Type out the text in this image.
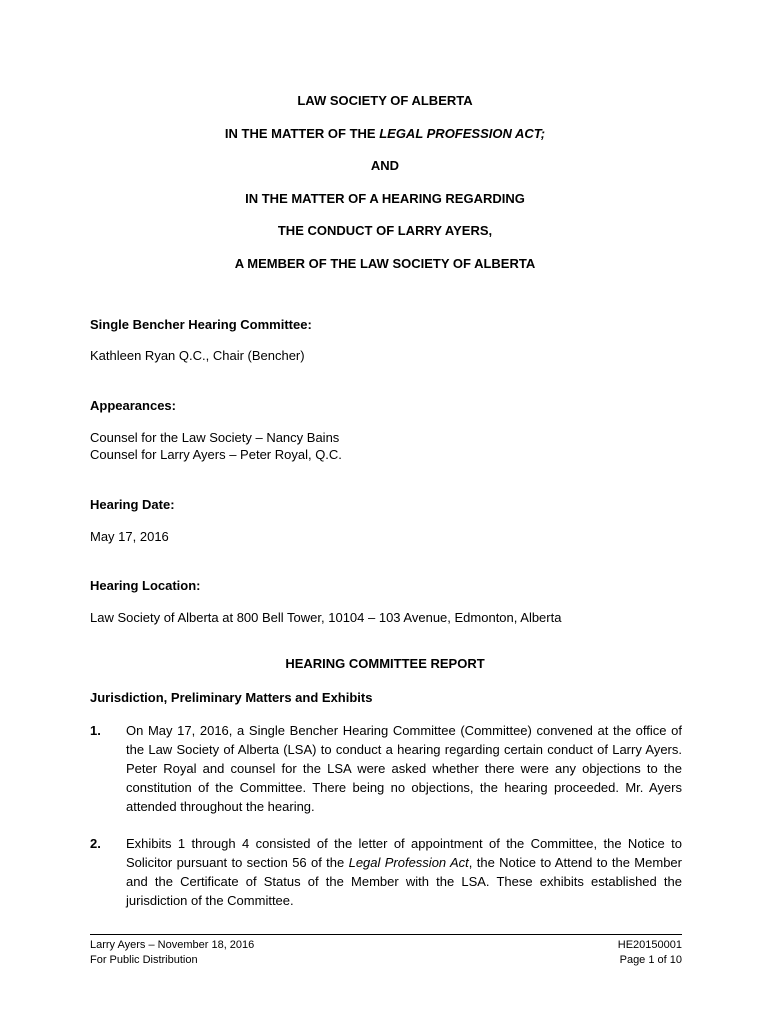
LAW SOCIETY OF ALBERTA
IN THE MATTER OF THE LEGAL PROFESSION ACT;
AND
IN THE MATTER OF A HEARING REGARDING
THE CONDUCT OF LARRY AYERS,
A MEMBER OF THE LAW SOCIETY OF ALBERTA
Single Bencher Hearing Committee:
Kathleen Ryan Q.C., Chair (Bencher)
Appearances:
Counsel for the Law Society – Nancy Bains
Counsel for Larry Ayers – Peter Royal, Q.C.
Hearing Date:
May 17, 2016
Hearing Location:
Law Society of Alberta at 800 Bell Tower, 10104 – 103 Avenue, Edmonton, Alberta
HEARING COMMITTEE REPORT
Jurisdiction, Preliminary Matters and Exhibits
1. On May 17, 2016, a Single Bencher Hearing Committee (Committee) convened at the office of the Law Society of Alberta (LSA) to conduct a hearing regarding certain conduct of Larry Ayers. Peter Royal and counsel for the LSA were asked whether there were any objections to the constitution of the Committee. There being no objections, the hearing proceeded. Mr. Ayers attended throughout the hearing.
2. Exhibits 1 through 4 consisted of the letter of appointment of the Committee, the Notice to Solicitor pursuant to section 56 of the Legal Profession Act, the Notice to Attend to the Member and the Certificate of Status of the Member with the LSA. These exhibits established the jurisdiction of the Committee.
Larry Ayers – November 18, 2016
For Public Distribution
HE20150001
Page 1 of 10
